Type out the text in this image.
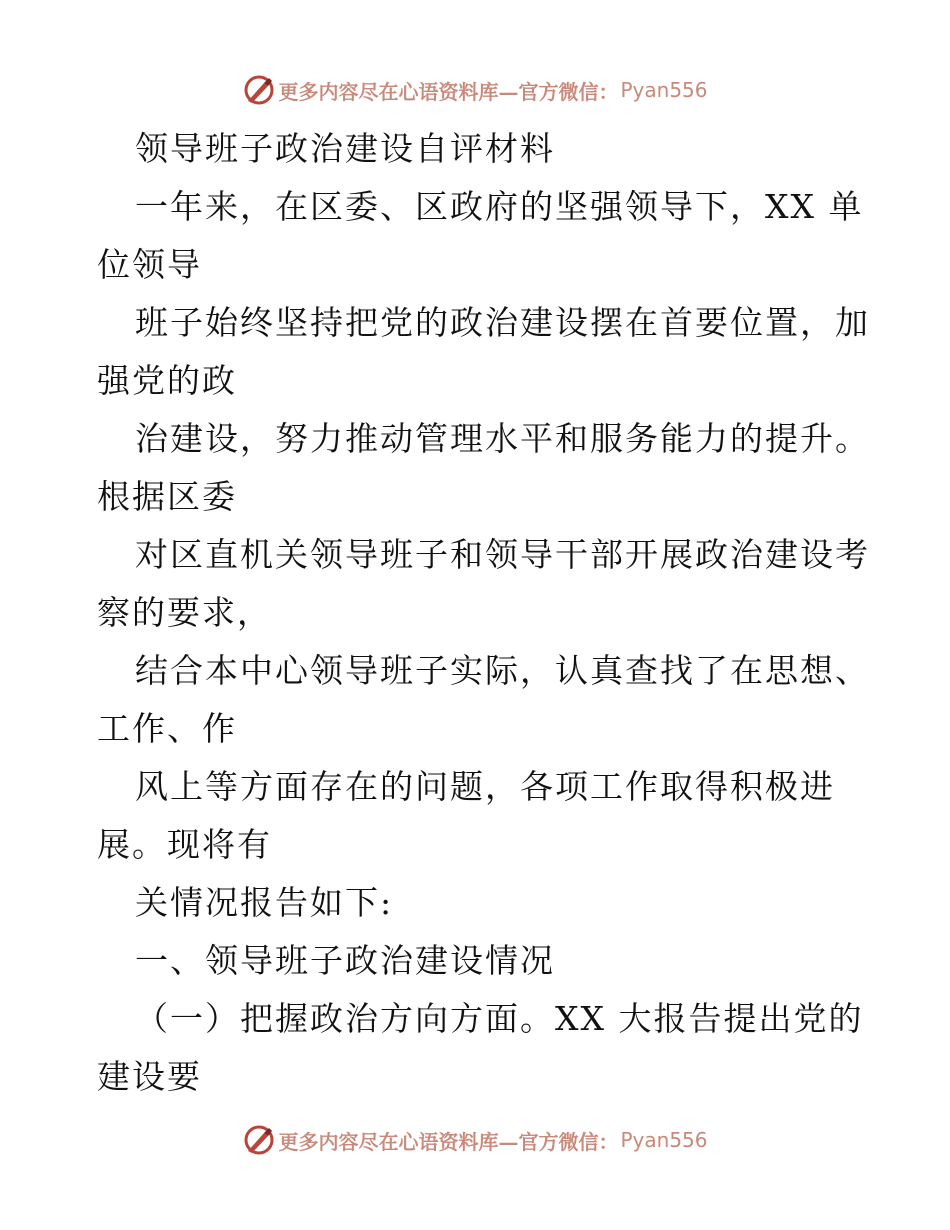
更多内容尽在心语资料库—官方微信： Pyan556
领导班子政治建设自评材料
一年来，在区委、区政府的坚强领导下，XX 单
位领导
班子始终坚持把党的政治建设摆在首要位置，加
强党的政
治建设，努力推动管理水平和服务能力的提升。
根据区委
对区直机关领导班子和领导干部开展政治建设考
察的要求，
结合本中心领导班子实际，认真查找了在思想、
工作、作
风上等方面存在的问题，各项工作取得积极进
展。现将有
关情况报告如下:
一、领导班子政治建设情况
（一）把握政治方向方面。XX 大报告提出党的
建设要
更多内容尽在心语资料库—官方微信： Pyan556
